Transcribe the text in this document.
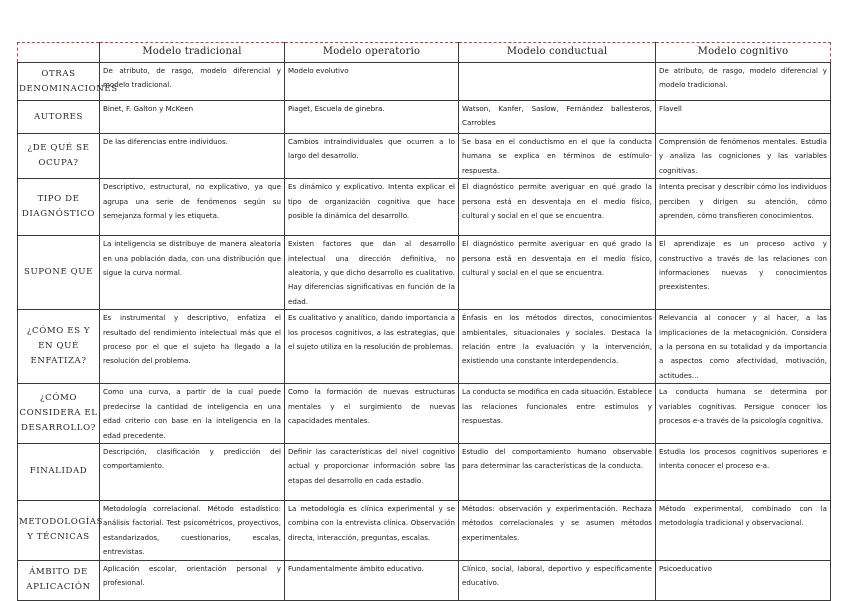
	Modelo tradicional	Modelo operatorio	Modelo conductual	Modelo cognitivo
OTRAS DENOMINACIONES	De atributo, de rasgo, modelo diferencial y modelo tradicional.	Modelo evolutivo		De atributo, de rasgo, modelo diferencial y modelo tradicional.
AUTORES	Binet, F. Galton y McKeen	Piaget, Escuela de ginebra.	Watson, Kanfer, Saslow, Fernández ballesteros, Carrobles	Flavell
¿DE QUÉ SE OCUPA?	De las diferencias entre individuos.	Cambios intraindividuales que ocurren a lo largo del desarrollo.	Se basa en el conductismo en el que la conducta humana se explica en términos de estímulo-respuesta.	Comprensión de fenómenos mentales. Estudia y analiza las cogniciones y las variables cognitivas.
TIPO DE DIAGNÓSTICO	Descriptivo, estructural, no explicativo, ya que agrupa una serie de fenómenos según su semejanza formal y les etiqueta.	Es dinámico y explicativo. Intenta explicar el tipo de organización cognitiva que hace posible la dinámica del desarrollo.	El diagnóstico permite averiguar en qué grado la persona está en desventaja en el medio físico, cultural y social en el que se encuentra.	Intenta precisar y describir cómo los individuos perciben y dirigen su atención, cómo aprenden, cómo transfieren conocimientos.
SUPONE QUE	La inteligencia se distribuye de manera aleatoria en una población dada, con una distribución que sigue la curva normal.	Existen factores que dan al desarrollo intelectual una dirección definitiva, no aleatoria, y que dicho desarrollo es cualitativo. Hay diferencias significativas en función de la edad.	El diagnóstico permite averiguar en qué grado la persona está en desventaja en el medio físico, cultural y social en el que se encuentra.	El aprendizaje es un proceso activo y constructivo a través de las relaciones con informaciones nuevas y conocimientos preexistentes.
¿CÓMO ES Y EN QUÉ ENFATIZA?	Es instrumental y descriptivo, enfatiza el resultado del rendimiento intelectual más que el proceso por el que el sujeto ha llegado a la resolución del problema.	Es cualitativo y analítico, dando importancia a los procesos cognitivos, a las estrategias, que el sujeto utiliza en la resolución de problemas.	Énfasis en los métodos directos, conocimientos ambientales, situacionales y sociales. Destaca la relación entre la evaluación y la intervención, existiendo una constante interdependencia.	Relevancia al conocer y al hacer, a las implicaciones de la metacognición. Considera a la persona en su totalidad y da importancia a aspectos como afectividad, motivación, actitudes...
¿CÓMO CONSIDERA EL DESARROLLO?	Como una curva, a partir de la cual puede predecirse la cantidad de inteligencia en una edad criterio con base en la inteligencia en la edad precedente.	Como la formación de nuevas estructuras mentales y el surgimiento de nuevas capacidades mentales.	La conducta se modifica en cada situación. Establece las relaciones funcionales entre estímulos y respuestas.	La conducta humana se determina por variables cognitivas. Persigue conocer los procesos e-a través de la psicología cognitiva.
FINALIDAD	Descripción, clasificación y predicción del comportamiento.	Definir las características del nivel cognitivo actual y proporcionar información sobre las etapas del desarrollo en cada estadio.	Estudio del comportamiento humano observable para determinar las características de la conducta.	Estudia los procesos cognitivos superiores e intenta conocer el proceso e-a.
METODOLOGÍAS Y TÉCNICAS	Metodología correlacional. Método estadístico: análisis factorial. Test psicométricos, proyectivos, estandarizados, cuestionarios, escalas, entrevistas.	La metodología es clínica experimental y se combina con la entrevista clínica. Observación directa, interacción, preguntas, escalas.	Métodos: observación y experimentación. Rechaza métodos correlacionales y se asumen métodos experimentales.	Método experimental, combinado con la metodología tradicional y observacional.
ÁMBITO DE APLICACIÓN	Aplicación escolar, orientación personal y profesional.	Fundamentalmente ámbito educativo.	Clínico, social, laboral, deportivo y específicamente educativo.	Psicoeducativo
